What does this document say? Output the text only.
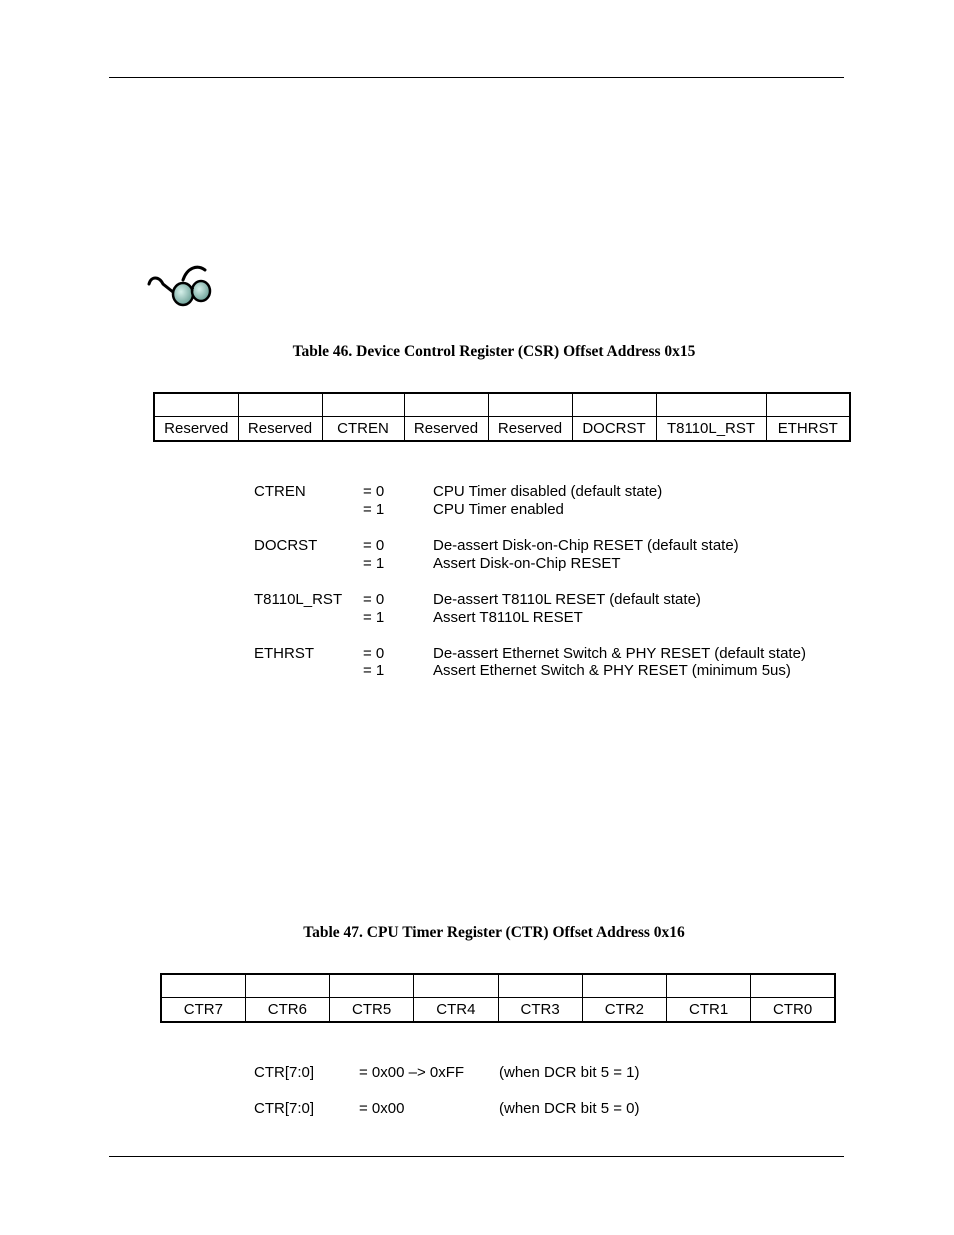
Table 46. Device Control Register (CSR) Offset Address 0x15

Reserved	Reserved	CTREN	Reserved	Reserved	DOCRST	T8110L_RST	ETHRST
CTREN	= 0	CPU Timer disabled (default state)
= 1	CPU Timer enabled
DOCRST	= 0	De-assert Disk-on-Chip RESET (default state)
= 1	Assert Disk-on-Chip RESET
T8110L_RST = 0	De-assert T8110L RESET (default state)
= 1	Assert T8110L RESET
ETHRST	= 0	De-assert Ethernet Switch & PHY RESET (default state)
= 1	Assert Ethernet Switch & PHY RESET (minimum 5us)
Table 47. CPU Timer Register (CTR) Offset Address 0x16

CTR7	CTR6	CTR5	CTR4	CTR3	CTR2	CTR1	CTR0
CTR[7:0]	= 0x00 –> 0xFF (when DCR bit 5 = 1)
CTR[7:0]	= 0x00	(when DCR bit 5 = 0)
